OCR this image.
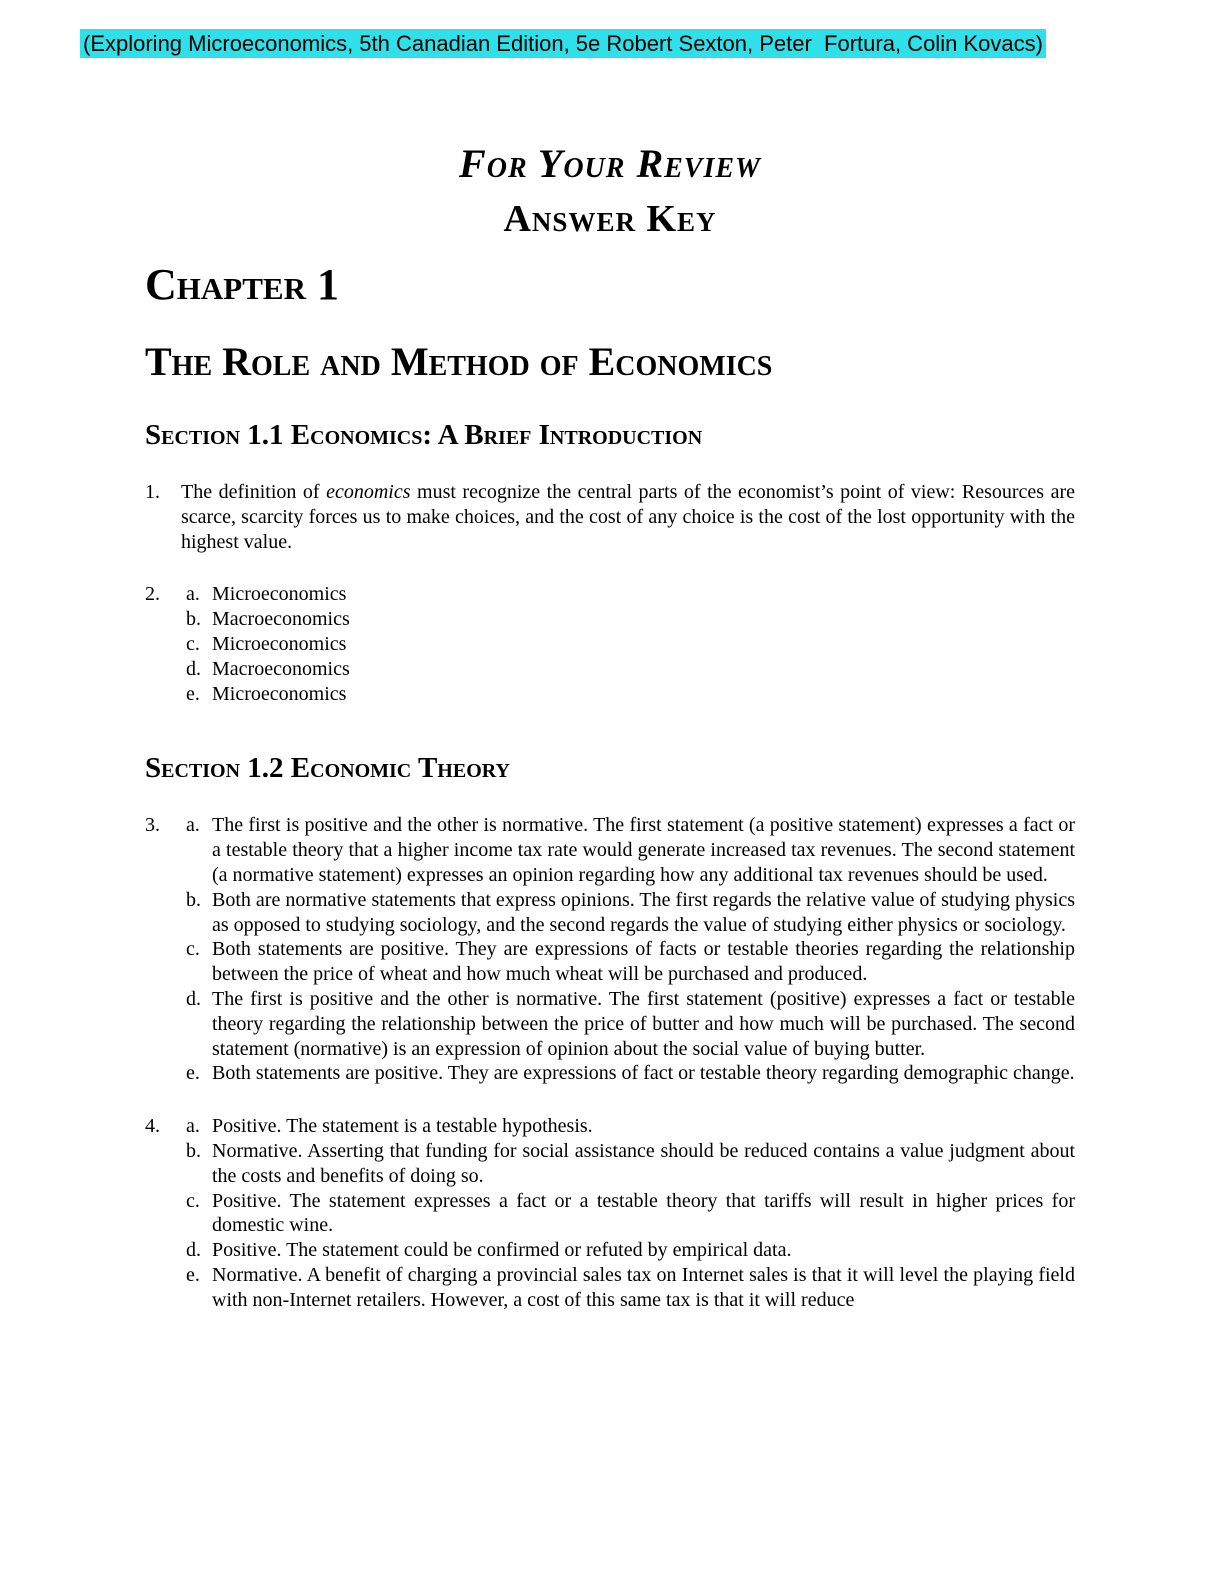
(Exploring Microeconomics, 5th Canadian Edition, 5e Robert Sexton, Peter  Fortura, Colin Kovacs)
For Your Review
Answer Key
Chapter 1
The Role and Method of Economics
Section 1.1 Economics: A Brief Introduction
1.	The definition of economics must recognize the central parts of the economist’s point of view: Resources are scarce, scarcity forces us to make choices, and the cost of any choice is the cost of the lost opportunity with the highest value.
2.	a. Microeconomics
b. Macroeconomics
c. Microeconomics
d. Macroeconomics
e. Microeconomics
Section 1.2 Economic Theory
3.	a. The first is positive and the other is normative. The first statement (a positive statement) expresses a fact or a testable theory that a higher income tax rate would generate increased tax revenues. The second statement (a normative statement) expresses an opinion regarding how any additional tax revenues should be used.
b. Both are normative statements that express opinions. The first regards the relative value of studying physics as opposed to studying sociology, and the second regards the value of studying either physics or sociology.
c. Both statements are positive. They are expressions of facts or testable theories regarding the relationship between the price of wheat and how much wheat will be purchased and produced.
d. The first is positive and the other is normative. The first statement (positive) expresses a fact or testable theory regarding the relationship between the price of butter and how much will be purchased. The second statement (normative) is an expression of opinion about the social value of buying butter.
e. Both statements are positive. They are expressions of fact or testable theory regarding demographic change.
4.	a. Positive. The statement is a testable hypothesis.
b. Normative. Asserting that funding for social assistance should be reduced contains a value judgment about the costs and benefits of doing so.
c. Positive. The statement expresses a fact or a testable theory that tariffs will result in higher prices for domestic wine.
d. Positive. The statement could be confirmed or refuted by empirical data.
e. Normative. A benefit of charging a provincial sales tax on Internet sales is that it will level the playing field with non-Internet retailers. However, a cost of this same tax is that it will reduce
